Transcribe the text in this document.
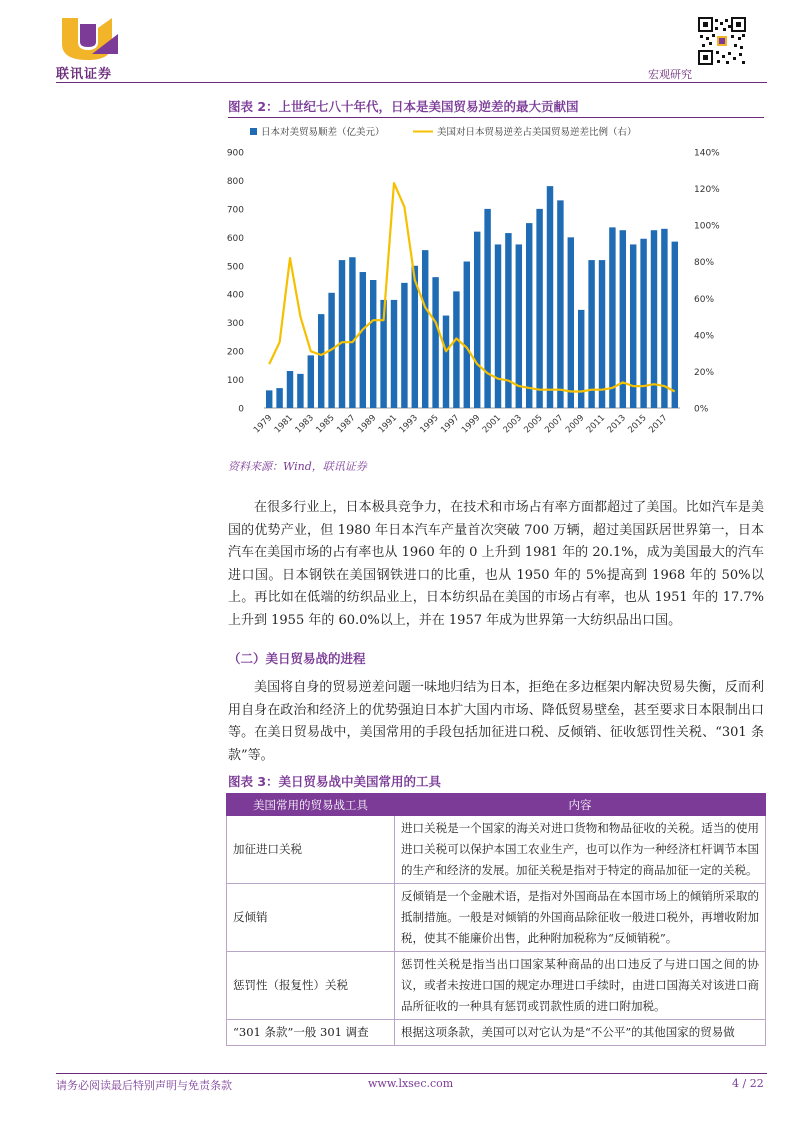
联讯证券	宏观研究
图表 2：上世纪七八十年代，日本是美国贸易逆差的最大贡献国
日本对美贸易顺差（亿美元）	美国对日本贸易逆差占美国贸易逆差比例（右）
0
100
200
300
400
500
600
700
800
900
0%
20%
40%
60%
80%
100%
120%
140%
1979
1981
1983
1985
1987
1989
1991
1993
1995
1997
1999
2001
2003
2005
2007
2009
2011
2013
2015
2017
资料来源：Wind，联讯证券

在很多行业上，日本极具竞争力，在技术和市场占有率方面都超过了美国。比如汽车是美国的优势产业，但 1980 年日本汽车产量首次突破 700 万辆，超过美国跃居世界第一，日本汽车在美国市场的占有率也从 1960 年的 0 上升到 1981 年的 20.1%，成为美国最大的汽车进口国。日本钢铁在美国钢铁进口的比重，也从 1950 年的 5%提高到 1968 年的 50%以上。再比如在低端的纺织品业上，日本纺织品在美国的市场占有率，也从 1951 年的 17.7%上升到 1955 年的 60.0%以上，并在 1957 年成为世界第一大纺织品出口国。

（二）美日贸易战的进程

美国将自身的贸易逆差问题一味地归结为日本，拒绝在多边框架内解决贸易失衡，反而利用自身在政治和经济上的优势强迫日本扩大国内市场、降低贸易壁垒，甚至要求日本限制出口等。在美日贸易战中，美国常用的手段包括加征进口税、反倾销、征收惩罚性关税、“301 条款”等。

图表 3：美日贸易战中美国常用的工具
美国常用的贸易战工具	内容
加征进口关税	进口关税是一个国家的海关对进口货物和物品征收的关税。适当的使用进口关税可以保护本国工农业生产，也可以作为一种经济杠杆调节本国的生产和经济的发展。加征关税是指对于特定的商品加征一定的关税。
反倾销	反倾销是一个金融术语，是指对外国商品在本国市场上的倾销所采取的抵制措施。一般是对倾销的外国商品除征收一般进口税外，再增收附加税，使其不能廉价出售，此种附加税称为“反倾销税”。
惩罚性（报复性）关税	惩罚性关税是指当出口国家某种商品的出口违反了与进口国之间的协议，或者未按进口国的规定办理进口手续时，由进口国海关对该进口商品所征收的一种具有惩罚或罚款性质的进口附加税。
“301 条款”一般 301 调查	根据这项条款，美国可以对它认为是“不公平”的其他国家的贸易做
请务必阅读最后特别声明与免责条款	www.lxsec.com	4 / 22
